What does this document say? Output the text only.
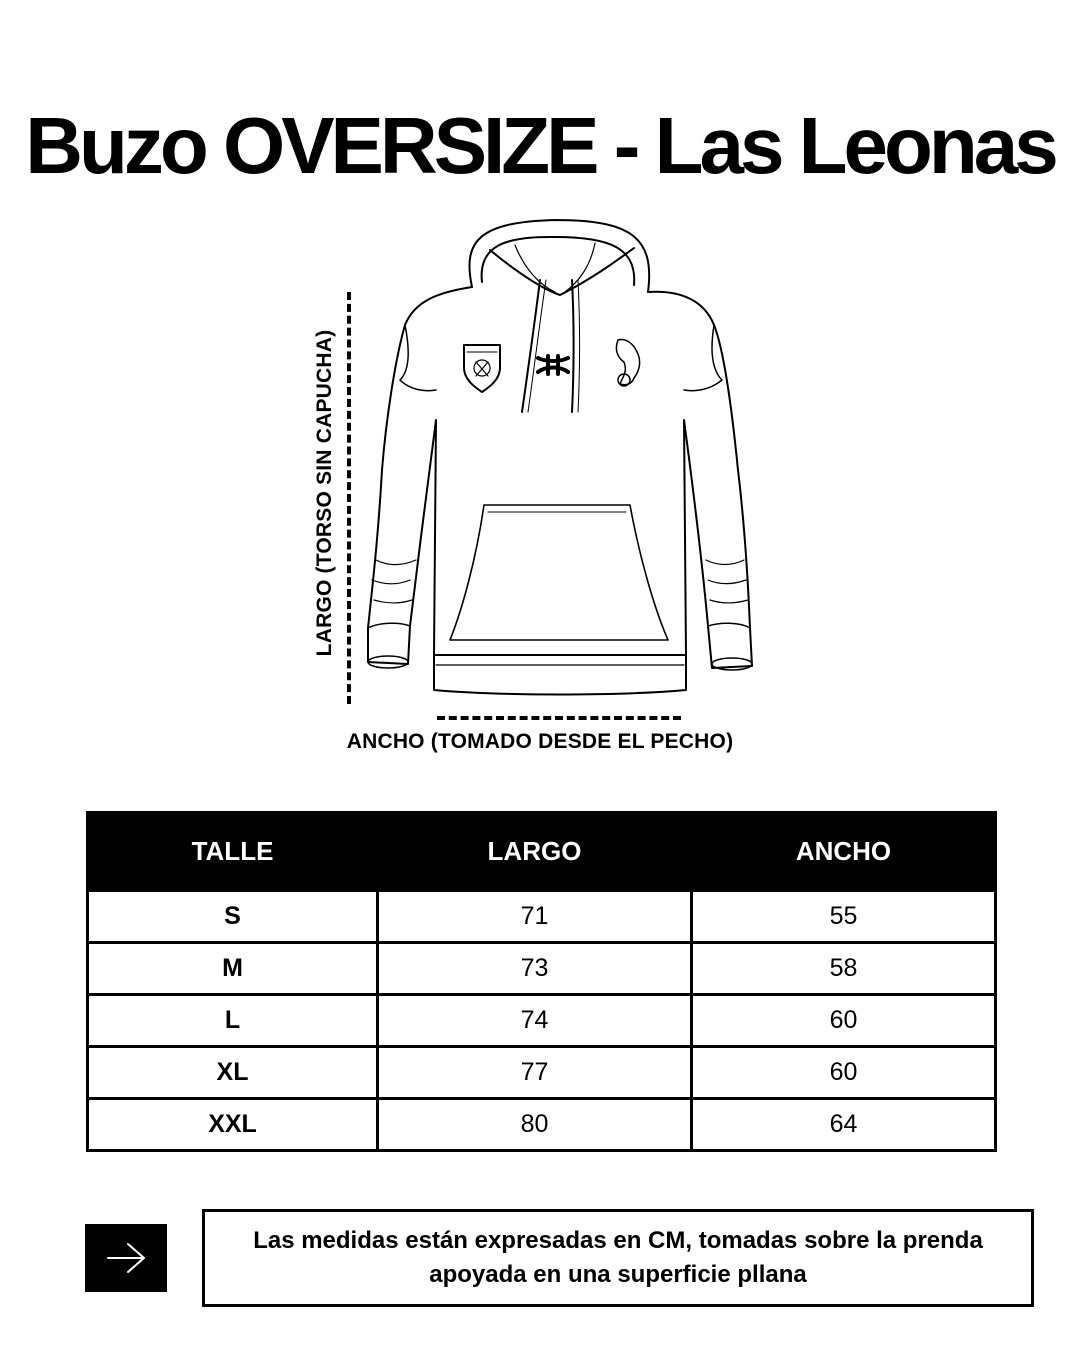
Buzo OVERSIZE - Las Leonas
LARGO (TORSO SIN CAPUCHA)
ANCHO (TOMADO DESDE EL PECHO)
TALLE	LARGO	ANCHO
S	71	55
M	73	58
L	74	60
XL	77	60
XXL	80	64
Las medidas están expresadas en CM, tomadas sobre la prenda apoyada en una superficie pllana
